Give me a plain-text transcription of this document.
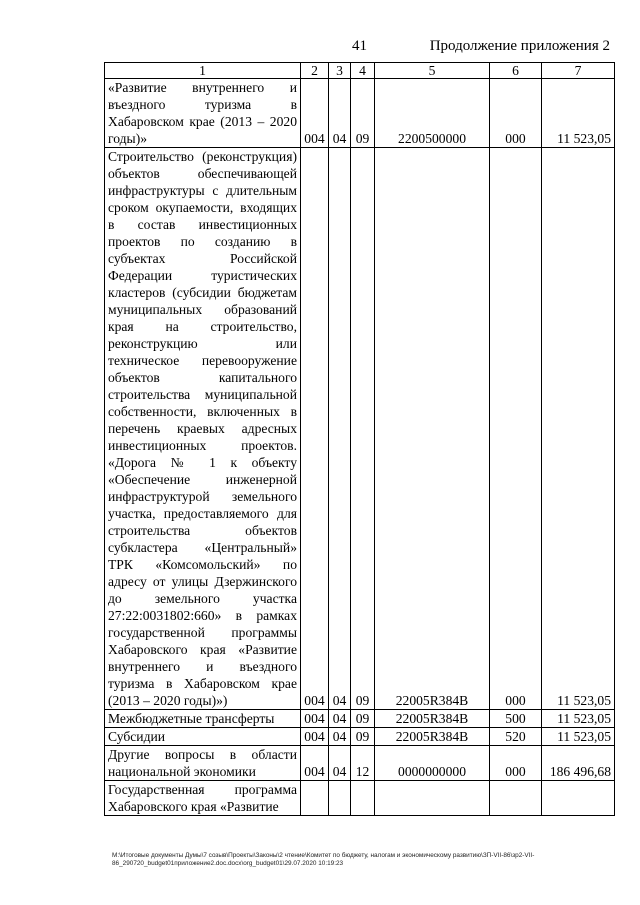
41	Продолжение приложения 2
1	2	3	4	5	6	7
«Развитие внутреннего и въездного туризма в Хабаровском крае (2013 – 2020 годы)»	004	04	09	2200500000	000	11 523,05
Строительство (реконструкция) объектов обеспечивающей инфраструктуры с длительным сроком окупаемости, входящих в состав инвестиционных проектов по созданию в субъектах Российской Федерации туристических кластеров (субсидии бюджетам муниципальных образований края на строительство, реконструкцию или техническое перевооружение объектов капитального строительства муниципальной собственности, включенных в перечень краевых адресных инвестиционных проектов. «Дорога № 1 к объекту «Обеспечение инженерной инфраструктурой земельного участка, предоставляемого для строительства объектов субкластера «Центральный» ТРК «Комсомольский» по адресу от улицы Дзержинского до земельного участка 27:22:0031802:660» в рамках государственной программы Хабаровского края «Развитие внутреннего и въездного туризма в Хабаровском крае (2013 – 2020 годы)»)	004	04	09	22005R384B	000	11 523,05
Межбюджетные трансферты	004	04	09	22005R384B	500	11 523,05
Субсидии	004	04	09	22005R384B	520	11 523,05
Другие вопросы в области национальной экономики	004	04	12	0000000000	000	186 496,68
Государственная программа Хабаровского края «Развитие						
M:\Итоговые документы Думы\7 созыв\Проекты\Законы\2 чтение\Комитет по бюджету, налогам и экономическому развитию\ЗП-VII-86\зр2-VII-86_290720_budget01приложение2.doc.docx\org_budget01\29.07.2020 10:19:23
